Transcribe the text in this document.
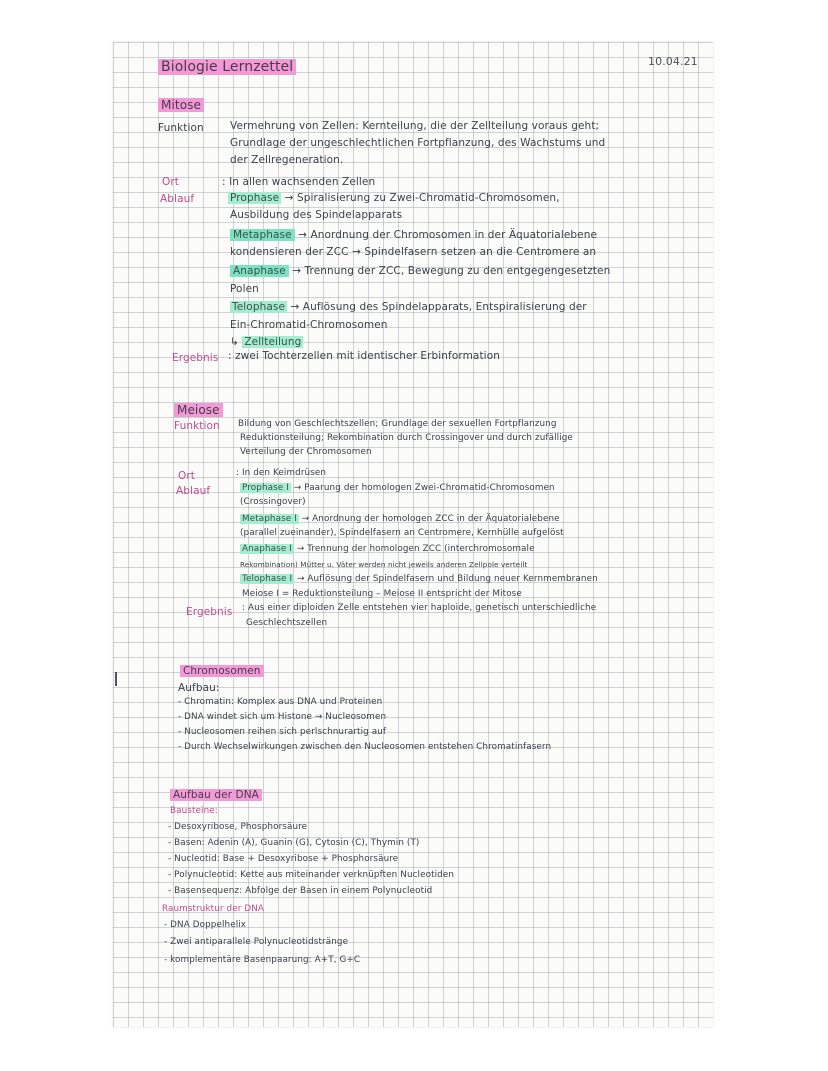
Biologie Lernzettel	10.04.21
Mitose
Funktion Vermehrung von Zellen: Kernteilung, die der Zellteilung voraus geht;
Grundlage der ungeschlechtlichen Fortpflanzung, des Wachstums und
der Zellregeneration.
Ort	: In allen wachsenden Zellen
Ablauf	Prophase → Spiralisierung zu Zwei-Chromatid-Chromosomen,
Ausbildung des Spindelapparats
Metaphase → Anordnung der Chromosomen in der Äquatorialebene
kondensieren der ZCC → Spindelfasern setzen an die Centromere an
Anaphase → Trennung der ZCC, Bewegung zu den entgegengesetzten
Polen
Telophase → Auflösung des Spindelapparats, Entspiralisierung der
Ein-Chromatid-Chromosomen
↳ Zellteilung
Ergebnis : zwei Tochterzellen mit identischer Erbinformation
Meiose
Funktion Bildung von Geschlechtszellen; Grundlage der sexuellen Fortpflanzung
Reduktionsteilung; Rekombination durch Crossingover und durch zufällige
Verteilung der Chromosomen
Ort	: In den Keimdrüsen
Ablauf	Prophase I → Paarung der homologen Zwei-Chromatid-Chromosomen
(Crossingover)
Metaphase I → Anordnung der homologen ZCC in der Äquatorialebene
(parallel zueinander), Spindelfasern an Centromere, Kernhülle aufgelöst
Anaphase I → Trennung der homologen ZCC (interchromosomale
Rekombination) Mütter u. Väter werden nicht jeweils anderen Zellpole verteilt
Telophase I → Auflösung der Spindelfasern und Bildung neuer Kernmembranen
Meiose I = Reduktionsteilung – Meiose II entspricht der Mitose
Ergebnis : Aus einer diploiden Zelle entstehen vier haploide, genetisch unterschiedliche
Geschlechtszellen
Chromosomen
Aufbau:
- Chromatin: Komplex aus DNA und Proteinen
- DNA windet sich um Histone → Nucleosomen
- Nucleosomen reihen sich perlschnurartig auf
- Durch Wechselwirkungen zwischen den Nucleosomen entstehen Chromatinfasern
Aufbau der DNA
Bausteine:
- Desoxyribose, Phosphorsäure
- Basen: Adenin (A), Guanin (G), Cytosin (C), Thymin (T)
- Nucleotid: Base + Desoxyribose + Phosphorsäure
- Polynucleotid: Kette aus miteinander verknüpften Nucleotiden
- Basensequenz: Abfolge der Basen in einem Polynucleotid
Raumstruktur der DNA
- DNA Doppelhelix
- Zwei antiparallele Polynucleotidstränge
- komplementäre Basenpaarung: A+T, G+C
